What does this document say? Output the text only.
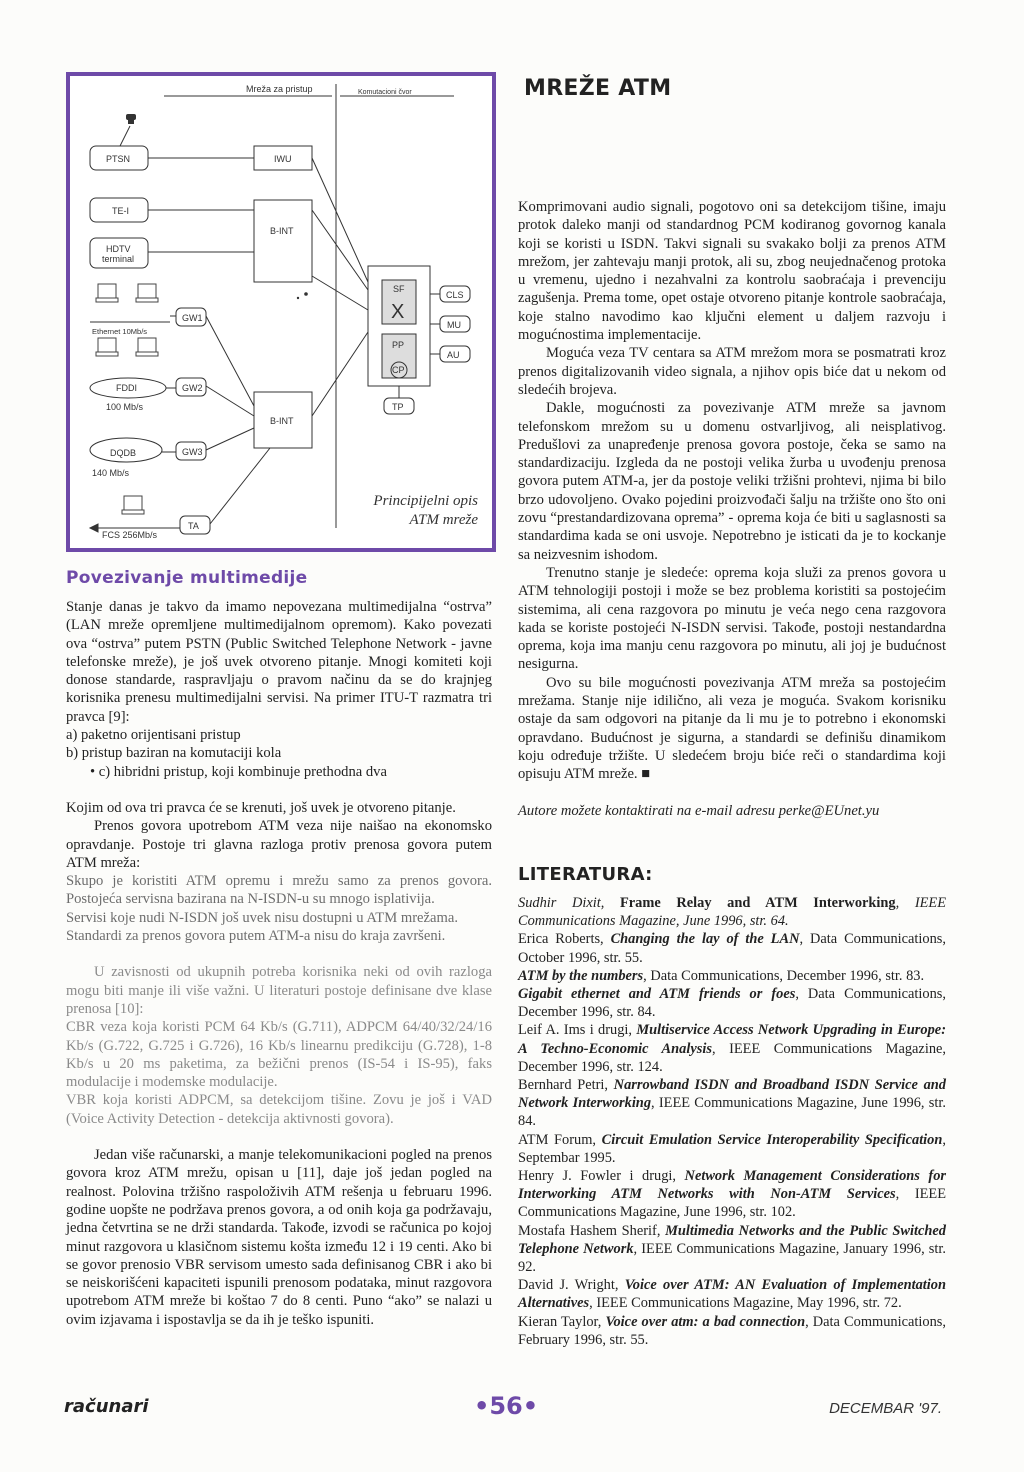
Mreža za pristup	Komutacioni čvor
PTSN	IWU
TE-I
HDTV
terminal
B-INT
Ethernet 10Mb/s
GW1
GW2
GW3
TA
FDDI
100 Mb/s
DQDB
140 Mb/s
FCS 256Mb/s
B-INT
SF
X
PP
CP
CLS
MU
AU
TP
Principijelni opis
ATM mreže
MREŽE ATM
Povezivanje multimedije

Stanje danas je takvo da imamo nepovezana multimedijalna “ostrva” (LAN mreže opremljene multimedijalnom opremom). Kako povezati ova “ostrva” putem PSTN (Public Switched Telephone Network - javne telefonske mreže), je još uvek otvoreno pitanje. Mnogi komiteti koji donose standarde, raspravljaju o pravom načinu da se do krajnjeg korisnika prenesu multimedijalni servisi. Na primer ITU-T razmatra tri pravca [9]:

a) paketno orijentisani pristup

b) pristup baziran na komutaciji kola

• c) hibridni pristup, koji kombinuje prethodna dva

Kojim od ova tri pravca će se krenuti, još uvek je otvoreno pitanje.

Prenos govora upotrebom ATM veza nije naišao na ekonomsko opravdanje. Postoje tri glavna razloga protiv prenosa govora putem ATM mreža:

Skupo je koristiti ATM opremu i mrežu samo za prenos govora. Postojeća servisna bazirana na N-ISDN-u su mnogo isplativija.

Servisi koje nudi N-ISDN još uvek nisu dostupni u ATM mrežama.

Standardi za prenos govora putem ATM-a nisu do kraja završeni.

U zavisnosti od ukupnih potreba korisnika neki od ovih razloga mogu biti manje ili više važni. U literaturi postoje definisane dve klase prenosa [10]:

CBR veza koja koristi PCM 64 Kb/s (G.711), ADPCM 64/40/32/24/16 Kb/s (G.722, G.725 i G.726), 16 Kb/s linearnu predikciju (G.728), 1-8 Kb/s u 20 ms paketima, za bežični prenos (IS-54 i IS-95), faks modulacije i modemske modulacije.

VBR koja koristi ADPCM, sa detekcijom tišine. Zovu je još i VAD (Voice Activity Detection - detekcija aktivnosti govora).

Jedan više računarski, a manje telekomunikacioni pogled na prenos govora kroz ATM mrežu, opisan u [11], daje još jedan pogled na realnost. Polovina tržišno raspoloživih ATM rešenja u februaru 1996. godine uopšte ne podržava prenos govora, a od onih koja ga podržavaju, jedna četvrtina se ne drži standarda. Takođe, izvodi se računica po kojoj minut razgovora u klasičnom sistemu košta između 12 i 19 centi. Ako bi se govor prenosio VBR servisom umesto sada definisanog CBR i ako bi se neiskorišćeni kapaciteti ispunili prenosom podataka, minut razgovora upotrebom ATM mreže bi koštao 7 do 8 centi. Puno “ako” se nalazi u ovim izjavama i ispostavlja se da ih je teško ispuniti.

Komprimovani audio signali, pogotovo oni sa detekcijom tišine, imaju protok daleko manji od standardnog PCM kodiranog govornog kanala koji se koristi u ISDN. Takvi signali su svakako bolji za prenos ATM mrežom, jer zahtevaju manji protok, ali su, zbog neujednačenog protoka u vremenu, ujedno i nezahvalni za kontrolu saobraćaja i prevenciju zagušenja. Prema tome, opet ostaje otvoreno pitanje kontrole saobraćaja, koje stalno navodimo kao ključni element u daljem razvoju i mogućnostima implementacije.

Moguća veza TV centara sa ATM mrežom mora se posmatrati kroz prenos digitalizovanih video signala, a njihov opis biće dat u nekom od sledećih brojeva.

Dakle, mogućnosti za povezivanje ATM mreže sa javnom telefonskom mrežom su u domenu ostvarljivog, ali neisplativog. Predušlovi za unapređenje prenosa govora postoje, čeka se samo na standardizaciju. Izgleda da ne postoji velika žurba u uvođenju prenosa govora putem ATM-a, jer da postoje veliki tržišni prohtevi, njima bi bilo brzo udovoljeno. Ovako pojedini proizvođači šalju na tržište ono što oni zovu “prestandardizovana oprema” - oprema koja će biti u saglasnosti sa standardima kada se oni usvoje. Nepotrebno je isticati da je to kockanje sa neizvesnim ishodom.

Trenutno stanje je sledeće: oprema koja služi za prenos govora u ATM tehnologiji postoji i može se bez problema koristiti sa postojećim sistemima, ali cena razgovora po minutu je veća nego cena razgovora kada se koriste postojeći N-ISDN servisi. Takođe, postoji nestandardna oprema, koja ima manju cenu razgovora po minutu, ali joj je budućnost nesigurna.

Ovo su bile mogućnosti povezivanja ATM mreža sa postojećim mrežama. Stanje nije idilično, ali veza je moguća. Svakom korisniku ostaje da sam odgovori na pitanje da li mu je to potrebno i ekonomski opravdano. Budućnost je sigurna, a standardi se definišu dinamikom koju određuje tržište. U sledećem broju biće reči o standardima koji opisuju ATM mreže. ■

Autore možete kontaktirati na e-mail adresu perke@EUnet.yu

LITERATURA:

Sudhir Dixit, Frame Relay and ATM Interworking, IEEE Communications Magazine, June 1996, str. 64.

Erica Roberts, Changing the lay of the LAN, Data Communications, October 1996, str. 55.

ATM by the numbers, Data Communications, December 1996, str. 83.

Gigabit ethernet and ATM friends or foes, Data Communications, December 1996, str. 84.

Leif A. Ims i drugi, Multiservice Access Network Upgrading in Europe: A Techno-Economic Analysis, IEEE Communications Magazine, December 1996, str. 124.

Bernhard Petri, Narrowband ISDN and Broadband ISDN Service and Network Interworking, IEEE Communications Magazine, June 1996, str. 84.

ATM Forum, Circuit Emulation Service Interoperability Specification, Septembar 1995.

Henry J. Fowler i drugi, Network Management Considerations for Interworking ATM Networks with Non-ATM Services, IEEE Communications Magazine, June 1996, str. 102.

Mostafa Hashem Sherif, Multimedia Networks and the Public Switched Telephone Network, IEEE Communications Magazine, January 1996, str. 92.

David J. Wright, Voice over ATM: AN Evaluation of Implementation Alternatives, IEEE Communications Magazine, May 1996, str. 72.

Kieran Taylor, Voice over atm: a bad connection, Data Communications, February 1996, str. 55.

računari	•56•	DECEMBAR '97.
